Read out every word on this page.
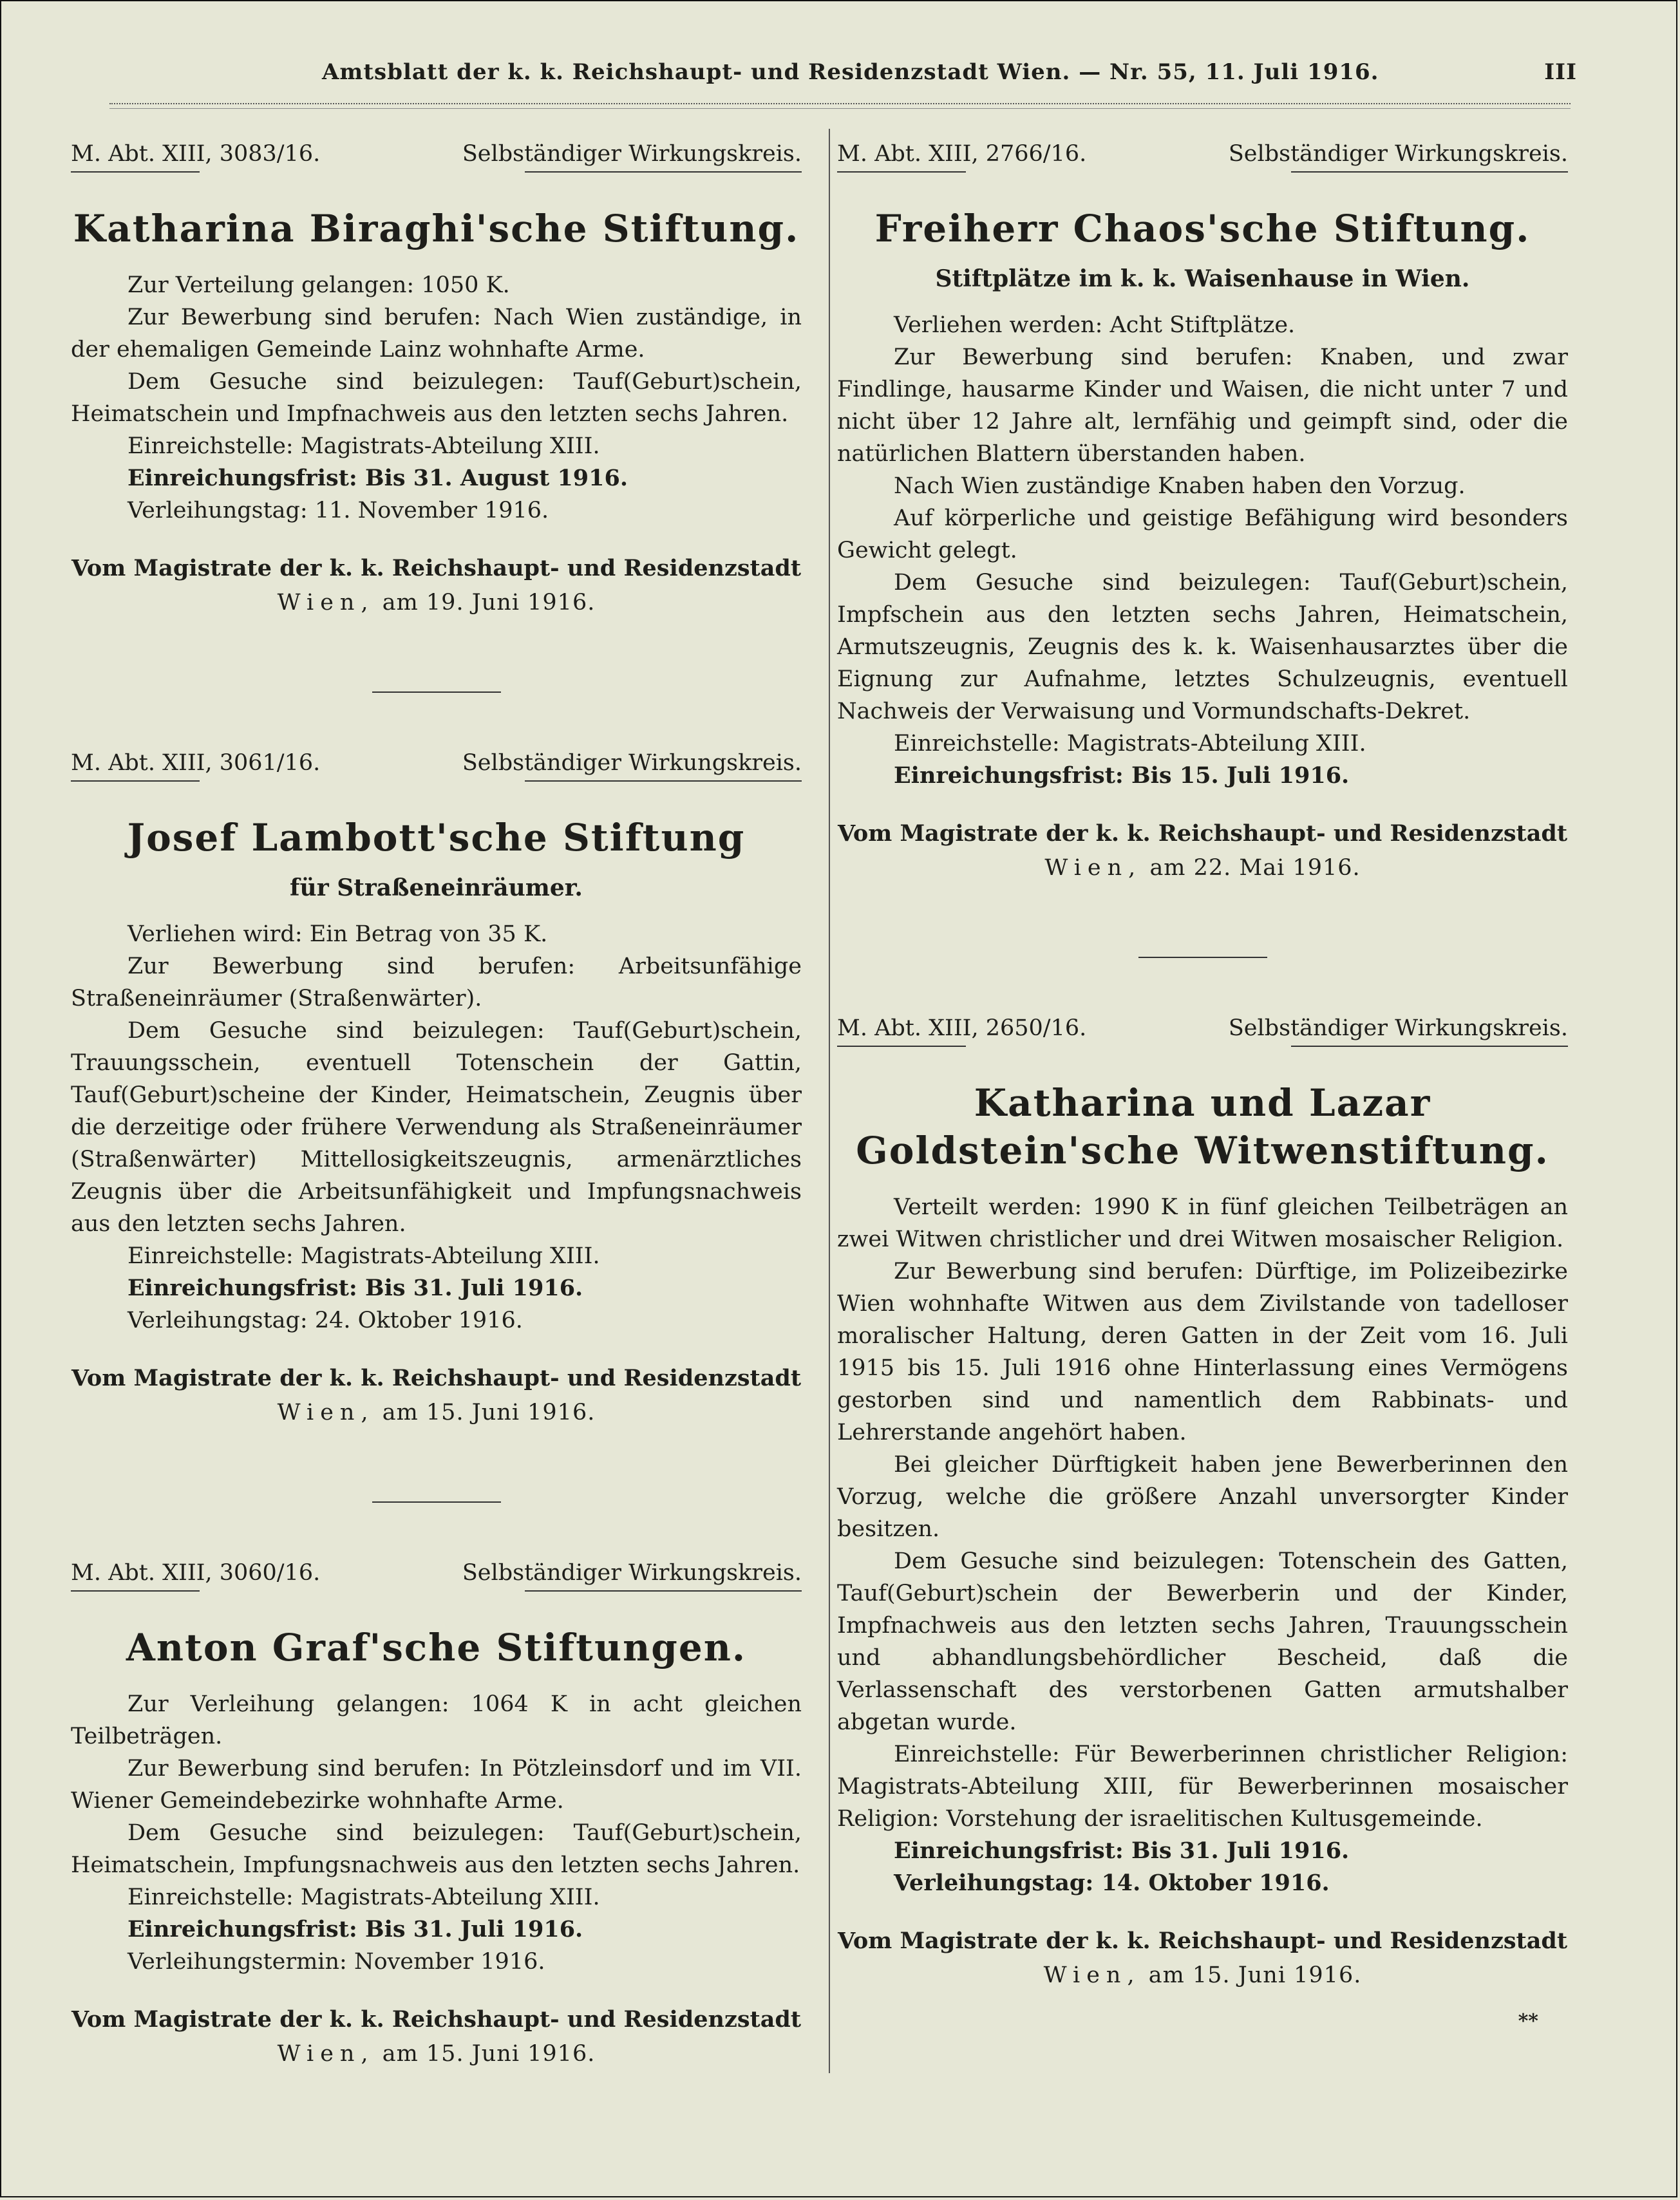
Amtsblatt der k. k. Reichshaupt- und Residenzstadt Wien. — Nr. 55, 11. Juli 1916.	III
M. Abt. XIII, 3083/16.	Selbständiger Wirkungskreis.
Katharina Biraghi'sche Stiftung.

Zur Verteilung gelangen: 1050 K.

Zur Bewerbung sind berufen: Nach Wien zuständige, in der ehemaligen Gemeinde Lainz wohnhafte Arme.

Dem Gesuche sind beizulegen: Tauf(Geburt)schein, Heimatschein und Impfnachweis aus den letzten sechs Jahren.

Einreichstelle: Magistrats-Abteilung XIII.

Einreichungsfrist: Bis 31. August 1916.

Verleihungstag: 11. November 1916.

Vom Magistrate der k. k. Reichshaupt- und Residenzstadt
Wien, am 19. Juni 1916.
M. Abt. XIII, 3061/16.	Selbständiger Wirkungskreis.
Josef Lambott'sche Stiftung
für Straßeneinräumer.

Verliehen wird: Ein Betrag von 35 K.

Zur Bewerbung sind berufen: Arbeitsunfähige Straßeneinräumer (Straßenwärter).

Dem Gesuche sind beizulegen: Tauf(Geburt)schein, Trauungsschein, eventuell Totenschein der Gattin, Tauf(Geburt)scheine der Kinder, Heimatschein, Zeugnis über die derzeitige oder frühere Verwendung als Straßeneinräumer (Straßenwärter) Mittellosigkeitszeugnis, armenärztliches Zeugnis über die Arbeitsunfähigkeit und Impfungsnachweis aus den letzten sechs Jahren.

Einreichstelle: Magistrats-Abteilung XIII.

Einreichungsfrist: Bis 31. Juli 1916.

Verleihungstag: 24. Oktober 1916.

Vom Magistrate der k. k. Reichshaupt- und Residenzstadt
Wien, am 15. Juni 1916.
M. Abt. XIII, 3060/16.	Selbständiger Wirkungskreis.
Anton Graf'sche Stiftungen.

Zur Verleihung gelangen: 1064 K in acht gleichen Teilbeträgen.

Zur Bewerbung sind berufen: In Pötzleinsdorf und im VII. Wiener Gemeindebezirke wohnhafte Arme.

Dem Gesuche sind beizulegen: Tauf(Geburt)schein, Heimatschein, Impfungsnachweis aus den letzten sechs Jahren.

Einreichstelle: Magistrats-Abteilung XIII.

Einreichungsfrist: Bis 31. Juli 1916.

Verleihungstermin: November 1916.

Vom Magistrate der k. k. Reichshaupt- und Residenzstadt
Wien, am 15. Juni 1916.
M. Abt. XIII, 2766/16.	Selbständiger Wirkungskreis.
Freiherr Chaos'sche Stiftung.
Stiftplätze im k. k. Waisenhause in Wien.

Verliehen werden: Acht Stiftplätze.

Zur Bewerbung sind berufen: Knaben, und zwar Findlinge, hausarme Kinder und Waisen, die nicht unter 7 und nicht über 12 Jahre alt, lernfähig und geimpft sind, oder die natürlichen Blattern überstanden haben.

Nach Wien zuständige Knaben haben den Vorzug.

Auf körperliche und geistige Befähigung wird besonders Gewicht gelegt.

Dem Gesuche sind beizulegen: Tauf(Geburt)schein, Impfschein aus den letzten sechs Jahren, Heimatschein, Armutszeugnis, Zeugnis des k. k. Waisenhausarztes über die Eignung zur Aufnahme, letztes Schulzeugnis, eventuell Nachweis der Verwaisung und Vormundschafts-Dekret.

Einreichstelle: Magistrats-Abteilung XIII.

Einreichungsfrist: Bis 15. Juli 1916.

Vom Magistrate der k. k. Reichshaupt- und Residenzstadt
Wien, am 22. Mai 1916.
M. Abt. XIII, 2650/16.	Selbständiger Wirkungskreis.
Katharina und Lazar Goldstein'sche Witwenstiftung.

Verteilt werden: 1990 K in fünf gleichen Teilbeträgen an zwei Witwen christlicher und drei Witwen mosaischer Religion.

Zur Bewerbung sind berufen: Dürftige, im Polizeibezirke Wien wohnhafte Witwen aus dem Zivilstande von tadelloser moralischer Haltung, deren Gatten in der Zeit vom 16. Juli 1915 bis 15. Juli 1916 ohne Hinterlassung eines Vermögens gestorben sind und namentlich dem Rabbinats- und Lehrerstande angehört haben.

Bei gleicher Dürftigkeit haben jene Bewerberinnen den Vorzug, welche die größere Anzahl unversorgter Kinder besitzen.

Dem Gesuche sind beizulegen: Totenschein des Gatten, Tauf(Geburt)schein der Bewerberin und der Kinder, Impfnachweis aus den letzten sechs Jahren, Trauungsschein und abhandlungsbehördlicher Bescheid, daß die Verlassenschaft des verstorbenen Gatten armutshalber abgetan wurde.

Einreichstelle: Für Bewerberinnen christlicher Religion: Magistrats-Abteilung XIII, für Bewerberinnen mosaischer Religion: Vorstehung der israelitischen Kultusgemeinde.

Einreichungsfrist: Bis 31. Juli 1916.

Verleihungstag: 14. Oktober 1916.

Vom Magistrate der k. k. Reichshaupt- und Residenzstadt
Wien, am 15. Juni 1916.
**
